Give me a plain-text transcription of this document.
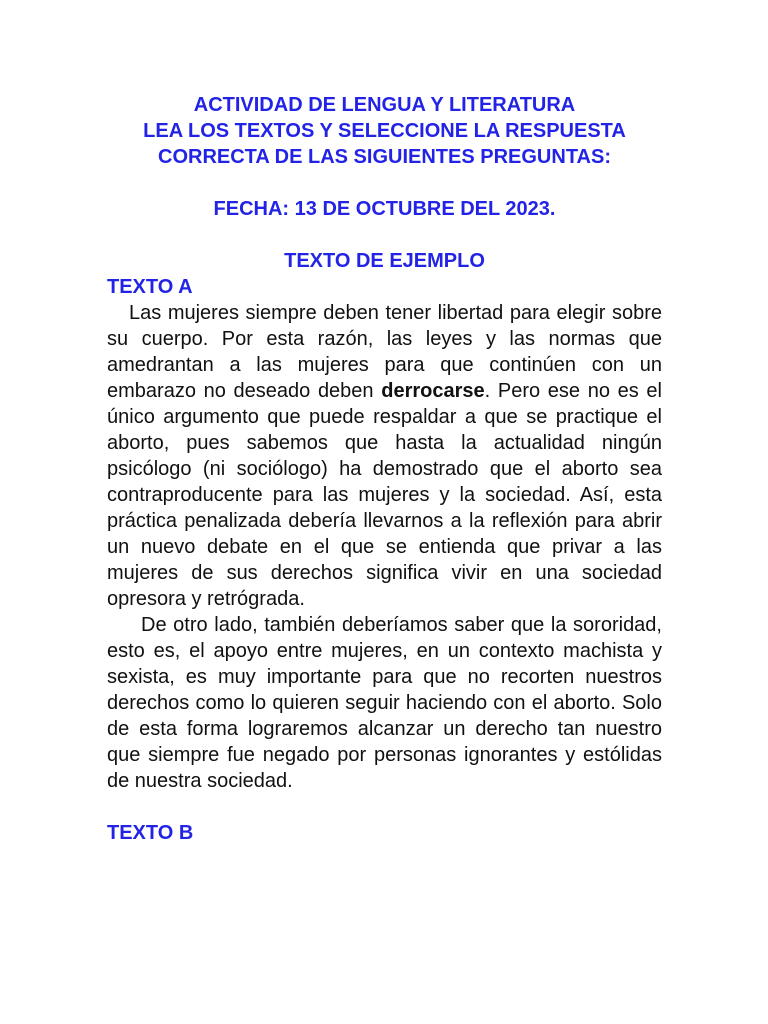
ACTIVIDAD DE LENGUA Y LITERATURA
LEA LOS TEXTOS Y SELECCIONE LA RESPUESTA
CORRECTA DE LAS SIGUIENTES PREGUNTAS:
FECHA: 13 DE OCTUBRE DEL 2023.
TEXTO DE EJEMPLO
TEXTO A

Las mujeres siempre deben tener libertad para elegir sobre su cuerpo. Por esta razón, las leyes y las normas que amedrantan a las mujeres para que continúen con un embarazo no deseado deben derrocarse. Pero ese no es el único argumento que puede respaldar a que se practique el aborto, pues sabemos que hasta la actualidad ningún psicólogo (ni sociólogo) ha demostrado que el aborto sea contraproducente para las mujeres y la sociedad. Así, esta práctica penalizada debería llevarnos a la reflexión para abrir un nuevo debate en el que se entienda que privar a las mujeres de sus derechos significa vivir en una sociedad opresora y retrógrada.

De otro lado, también deberíamos saber que la sororidad, esto es, el apoyo entre mujeres, en un contexto machista y sexista, es muy importante para que no recorten nuestros derechos como lo quieren seguir haciendo con el aborto. Solo de esta forma lograremos alcanzar un derecho tan nuestro que siempre fue negado por personas ignorantes y estólidas de nuestra sociedad.

TEXTO B
